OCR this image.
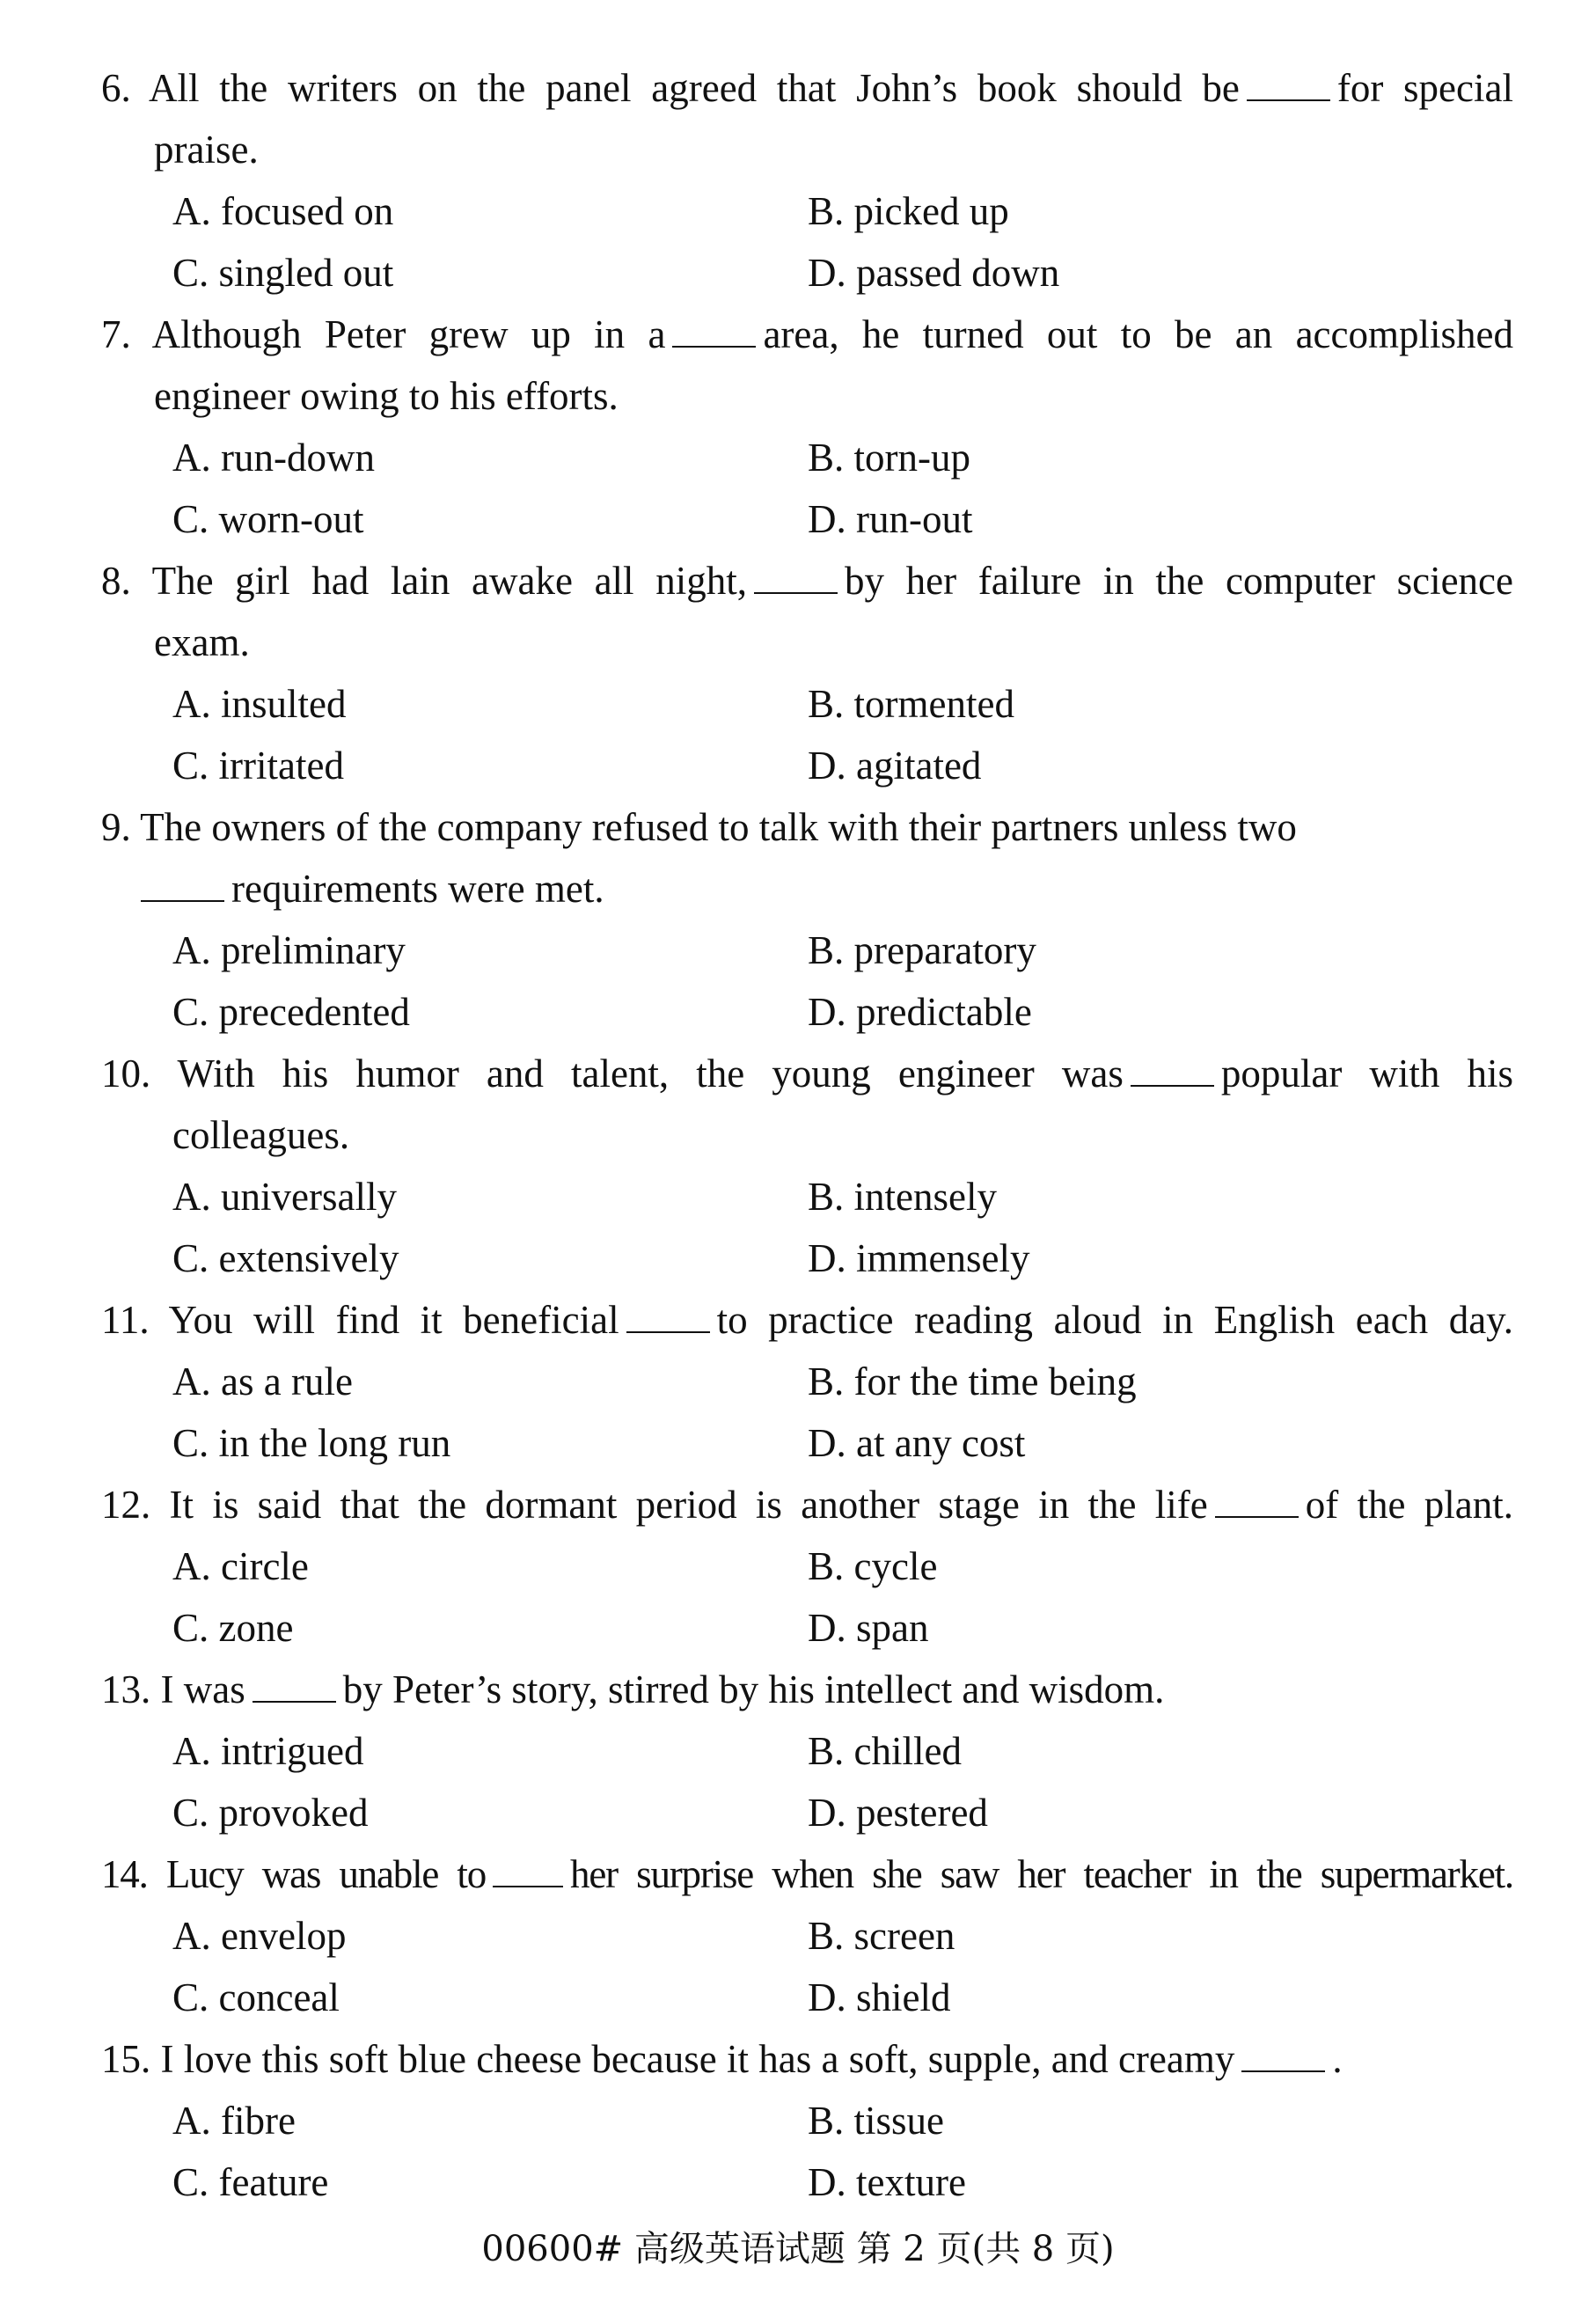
6. All the writers on the panel agreed that John’s book should be for special
praise.
A. focused on	B. picked up
C. singled out	D. passed down
7. Although Peter grew up in a area, he turned out to be an accomplished
engineer owing to his efforts.
A. run-down	B. torn-up
C. worn-out	D. run-out
8. The girl had lain awake all night, by her failure in the computer science
exam.
A. insulted	B. tormented
C. irritated	D. agitated
9. The owners of the company refused to talk with their partners unless two
requirements were met.
A. preliminary	B. preparatory
C. precedented	D. predictable
10. With his humor and talent, the young engineer was popular with his
colleagues.
A. universally	B. intensely
C. extensively	D. immensely
11. You will find it beneficial to practice reading aloud in English each day.
A. as a rule	B. for the time being
C. in the long run	D. at any cost
12. It is said that the dormant period is another stage in the life of the plant.
A. circle	B. cycle
C. zone	D. span
13. I was by Peter’s story, stirred by his intellect and wisdom.
A. intrigued	B. chilled
C. provoked	D. pestered
14. Lucy was unable to her surprise when she saw her teacher in the supermarket.
A. envelop	B. screen
C. conceal	D. shield
15. I love this soft blue cheese because it has a soft, supple, and creamy .
A. fibre	B. tissue
C. feature	D. texture
00600# 高级英语试题 第 2 页(共 8 页)
